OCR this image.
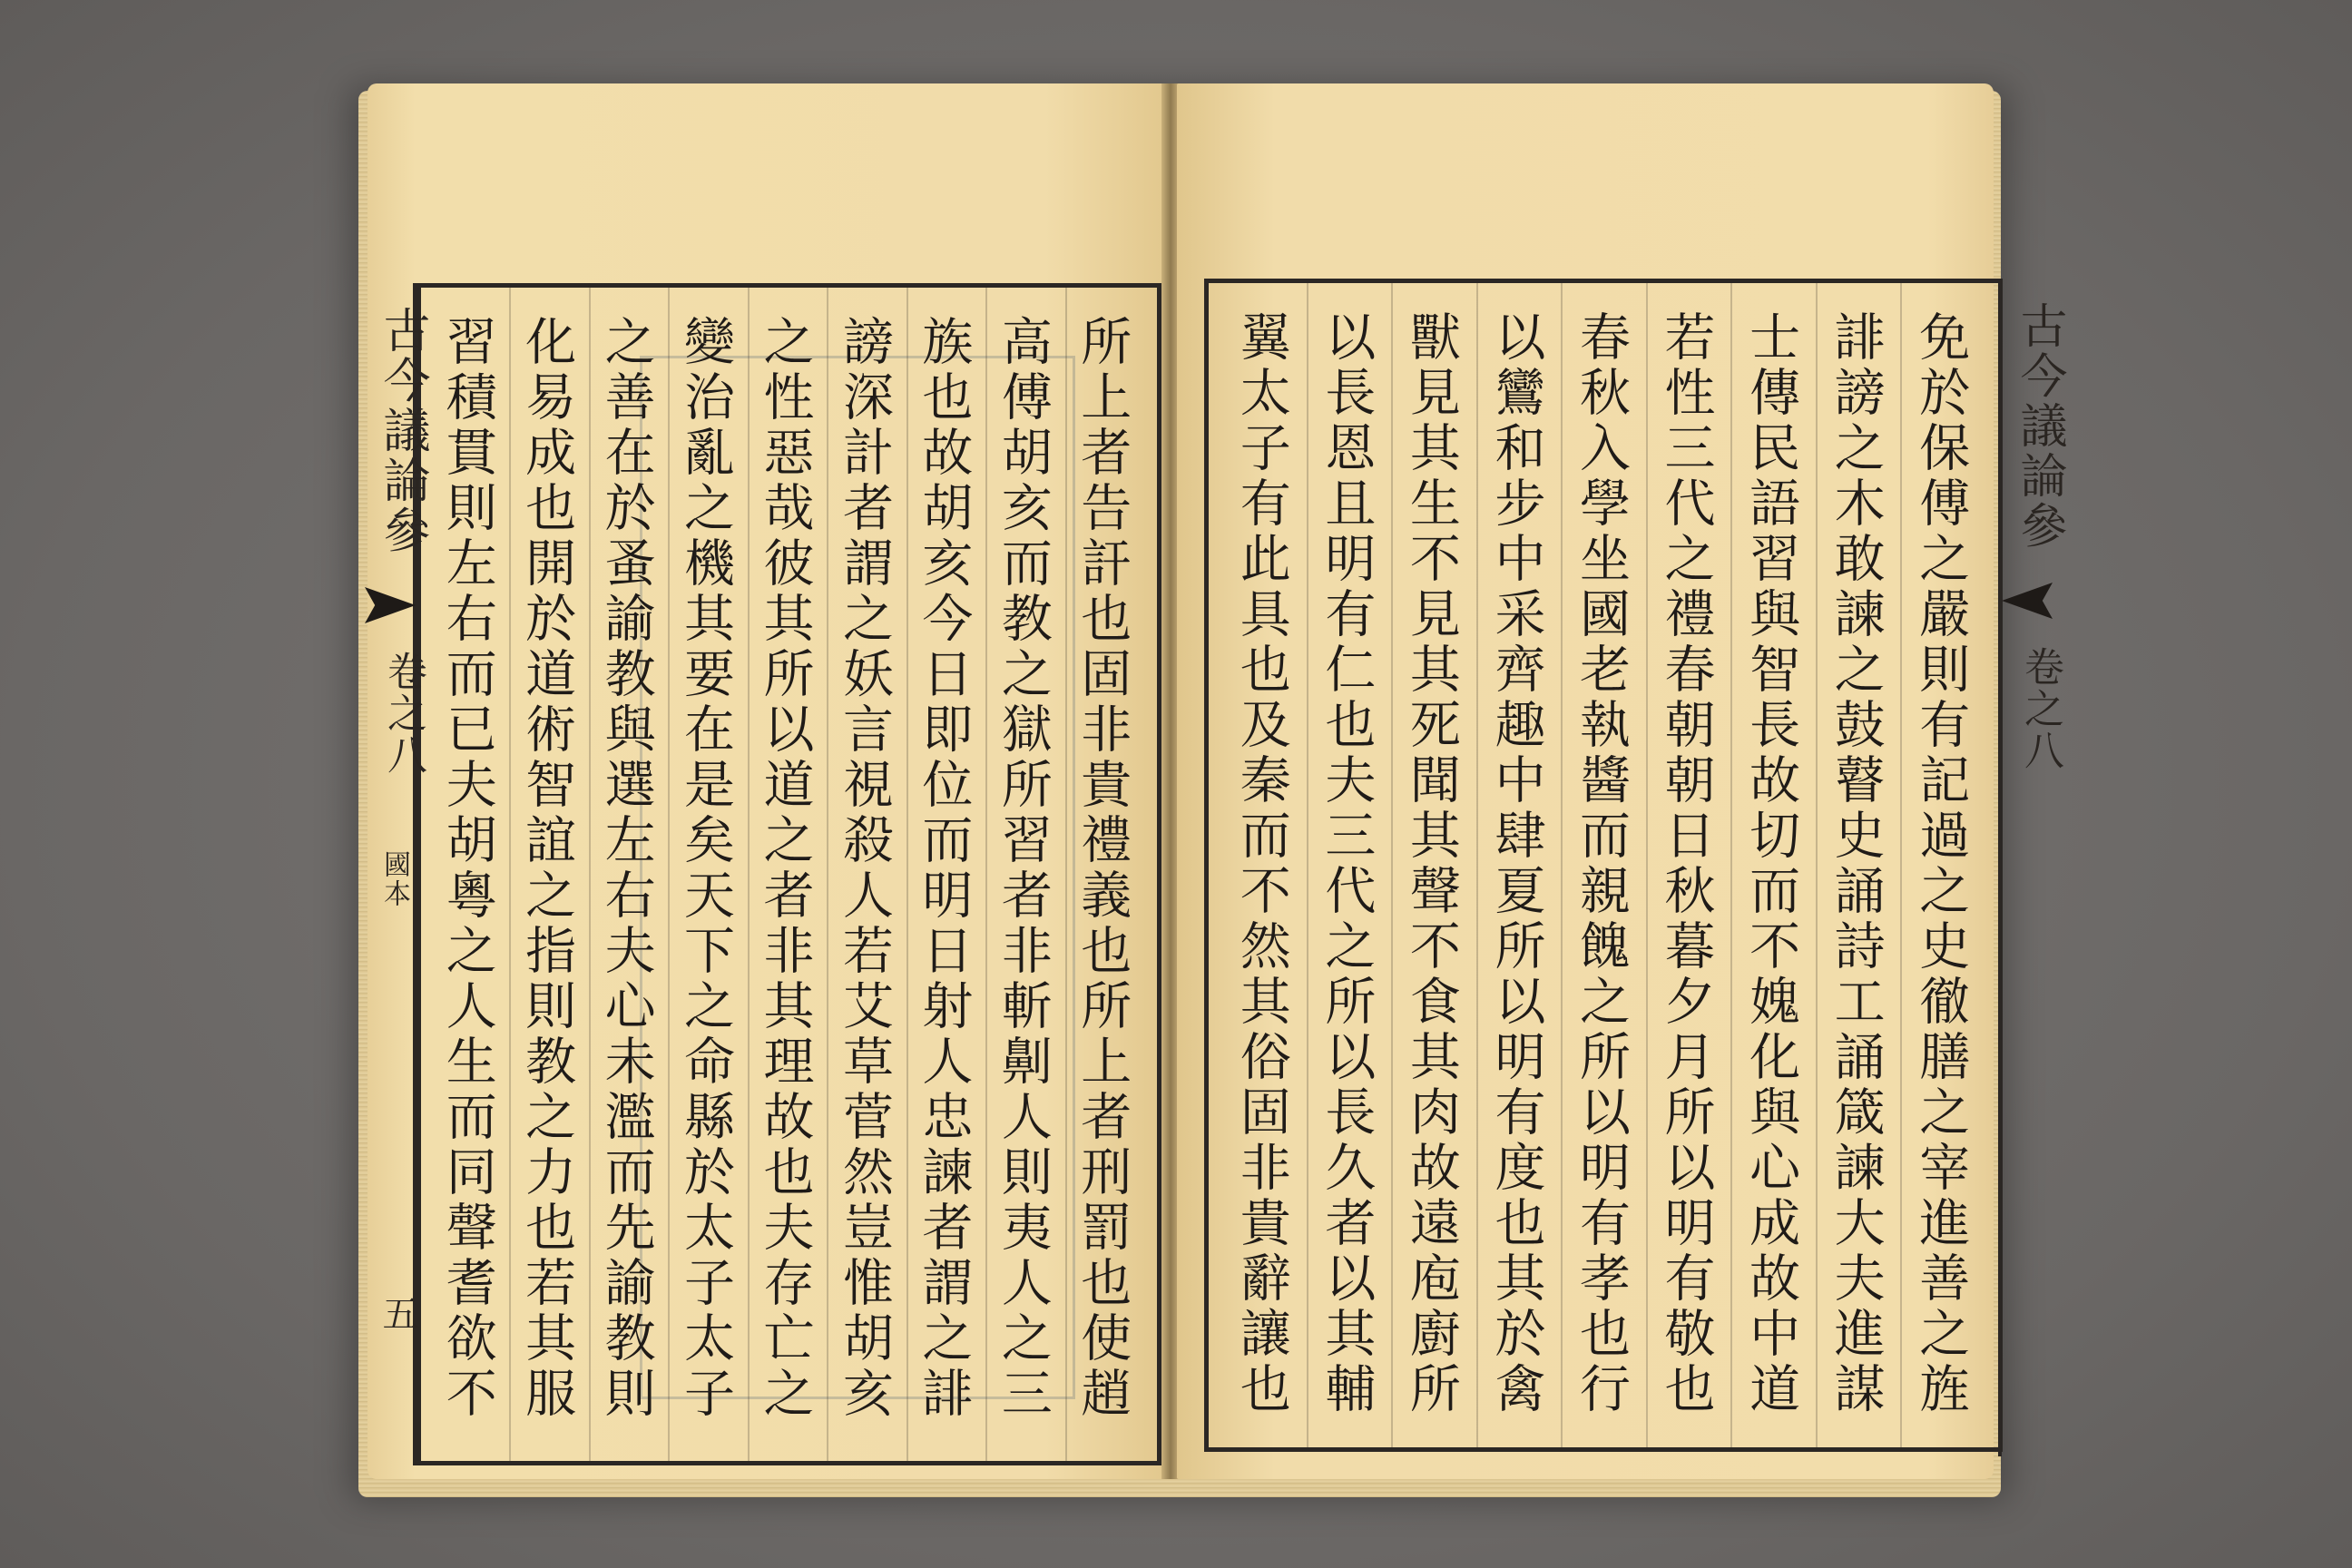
所上者告訐也固非貴禮義也所上者刑罰也使趙
高傅胡亥而教之獄所習者非斬劓人則夷人之三
族也故胡亥今日即位而明日射人忠諫者謂之誹
謗深計者謂之妖言視殺人若艾草菅然豈惟胡亥
之性惡哉彼其所以道之者非其理故也夫存亡之
變治亂之機其要在是矣天下之命縣於太子太子
之善在於蚤諭教與選左右夫心未濫而先諭教則
化易成也開於道術智誼之指則教之力也若其服
習積貫則左右而已夫胡粵之人生而同聲耆欲不
古今議論參
卷之八
國本
五	免於保傅之嚴則有記過之史徹膳之宰進善之旌
誹謗之木敢諫之鼓瞽史誦詩工誦箴諫大夫進謀
士傳民語習與智長故切而不媿化與心成故中道
若性三代之禮春朝朝日秋暮夕月所以明有敬也
春秋入學坐國老執醬而親餽之所以明有孝也行
以鸞和步中采齊趣中肆夏所以明有度也其於禽
獸見其生不見其死聞其聲不食其肉故遠庖廚所
以長恩且明有仁也夫三代之所以長久者以其輔
翼太子有此具也及秦而不然其俗固非貴辭讓也	古今議論參
卷之八
